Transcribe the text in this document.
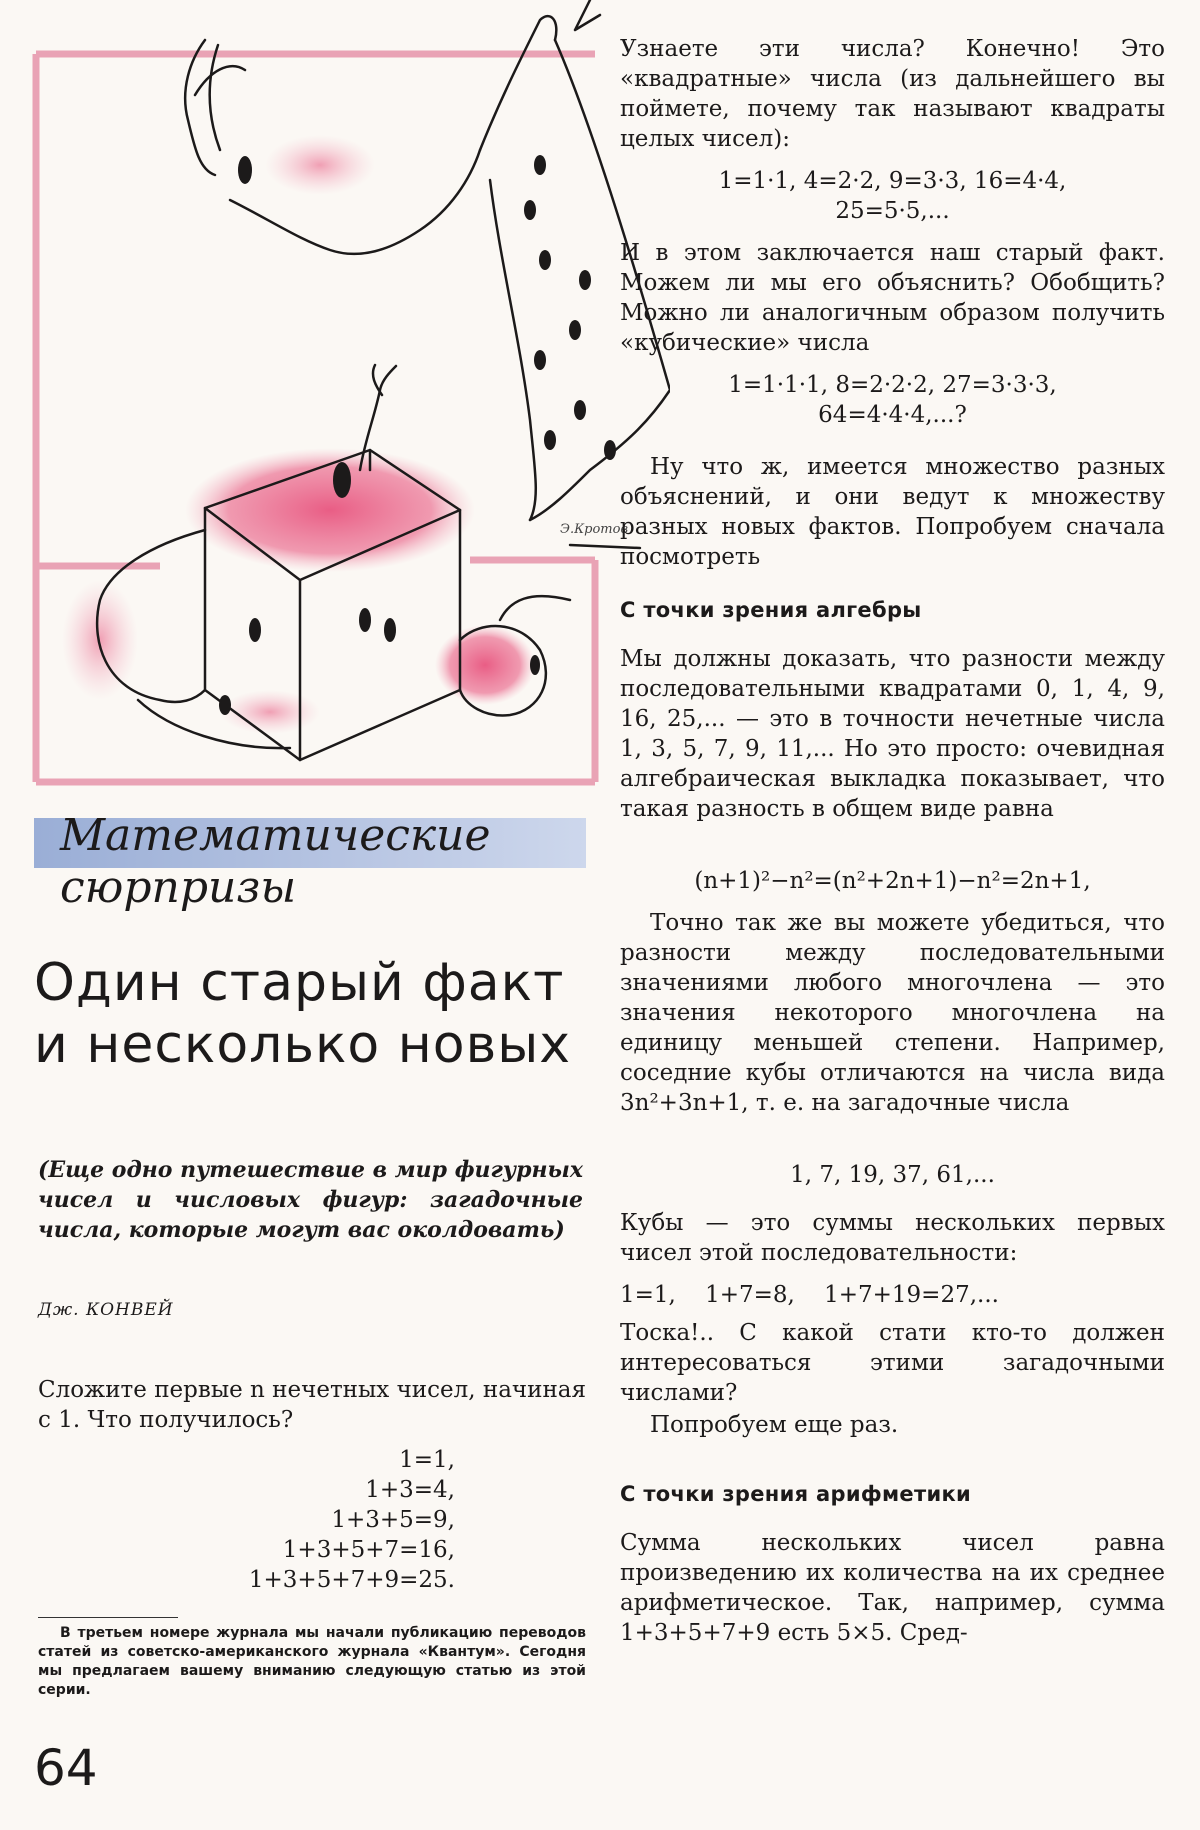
Э.Кротов
Математические сюрпризы
Один старый факт и несколько новых
(Еще одно путешествие в мир фигурных чисел и числовых фигур: загадочные числа, которые могут вас околдовать)
Дж. КОНВЕЙ
Сложите первые n нечетных чисел, начиная с 1. Что получилось?
1=1,
1+3=4,
1+3+5=9,
1+3+5+7=16,
1+3+5+7+9=25.
В третьем номере журнала мы начали публикацию переводов статей из советско-американского журнала «Квантум». Сегодня мы предлагаем вашему вниманию следующую статью из этой серии.
64
Узнаете эти числа? Конечно! Это «квадратные» числа (из дальнейшего вы поймете, почему так называют квадраты целых чисел):
1=1·1, 4=2·2, 9=3·3, 16=4·4,
25=5·5,...
И в этом заключается наш старый факт. Можем ли мы его объяснить? Обобщить? Можно ли аналогичным образом получить «кубические» числа
1=1·1·1, 8=2·2·2, 27=3·3·3,
64=4·4·4,...?
Ну что ж, имеется множество разных объяснений, и они ведут к множеству разных новых фактов. Попробуем сначала посмотреть
С точки зрения алгебры
Мы должны доказать, что разности между последовательными квадратами 0, 1, 4, 9, 16, 25,... — это в точности нечетные числа 1, 3, 5, 7, 9, 11,... Но это просто: очевидная алгебраическая выкладка показывает, что такая разность в общем виде равна
(n+1)²−n²=(n²+2n+1)−n²=2n+1,
Точно так же вы можете убедиться, что разности между последовательными значениями любого многочлена — это значения некоторого многочлена на единицу меньшей степени. Например, соседние кубы отличаются на числа вида 3n²+3n+1, т. е. на загадочные числа
1, 7, 19, 37, 61,...
Кубы — это суммы нескольких первых чисел этой последовательности:
1=1,    1+7=8,    1+7+19=27,...
Тоска!.. С какой стати кто-то должен интересоваться этими загадочными числами?
Попробуем еще раз.
С точки зрения арифметики
Сумма нескольких чисел равна произведению их количества на их среднее арифметическое. Так, например, сумма 1+3+5+7+9 есть 5×5. Сред-
